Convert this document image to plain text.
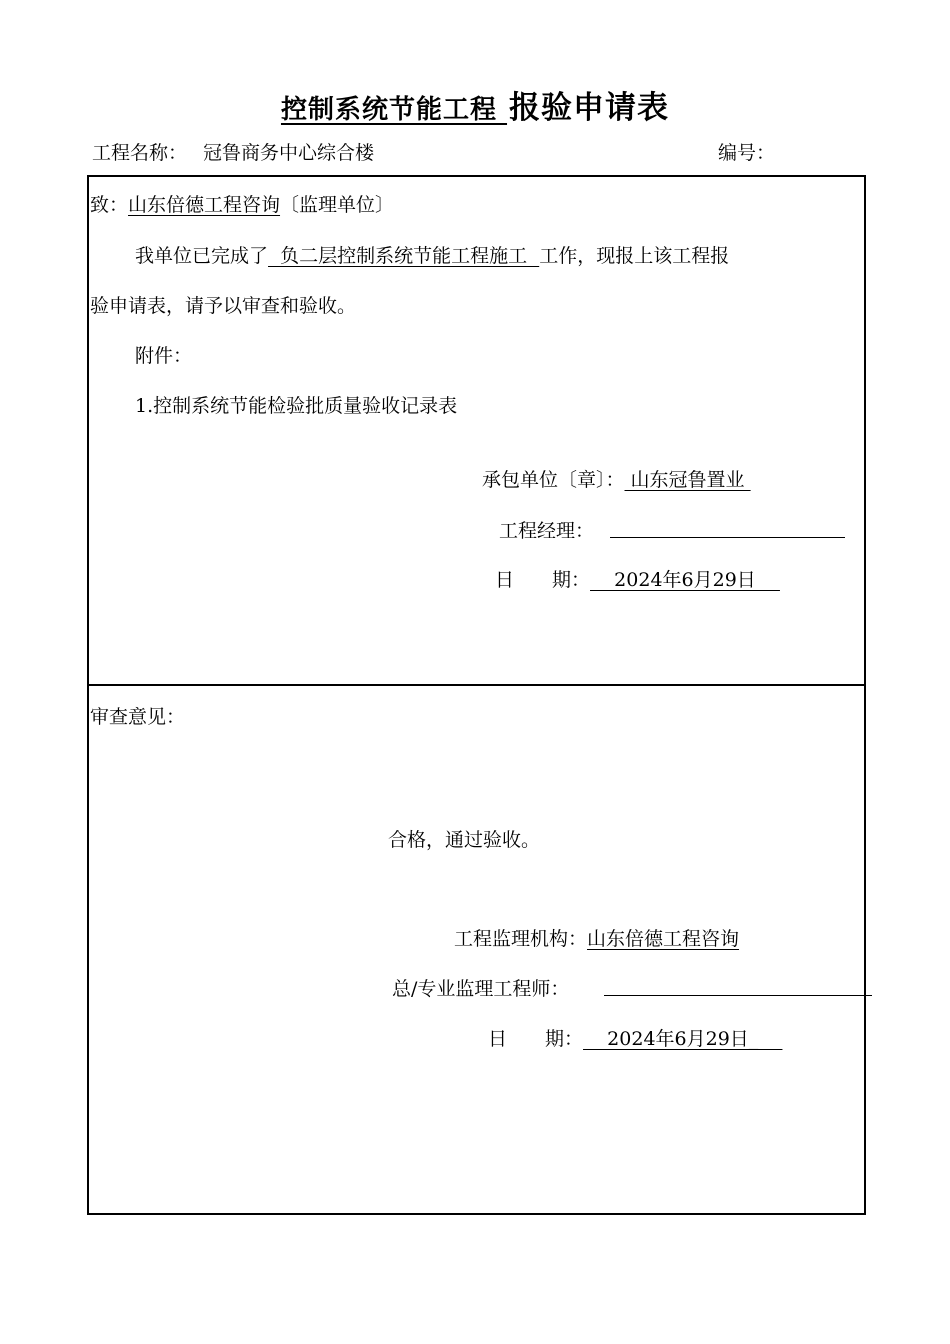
控制系统节能工程 报验申请表
工程名称： 冠鲁商务中心综合楼	编号：
致：山东倍德工程咨询〔监理单位〕
我单位已完成了  负二层控制系统节能工程施工  工作，现报上该工程报
验申请表，请予以审查和验收。
附件：
1.控制系统节能检验批质量验收记录表
承包单位〔章〕： 山东冠鲁置业
工程经理：
日　　期：    2024年6月29日
审查意见：
合格，通过验收。
工程监理机构：山东倍德工程咨询
总/专业监理工程师：
日　　期：    2024年6月29日_
